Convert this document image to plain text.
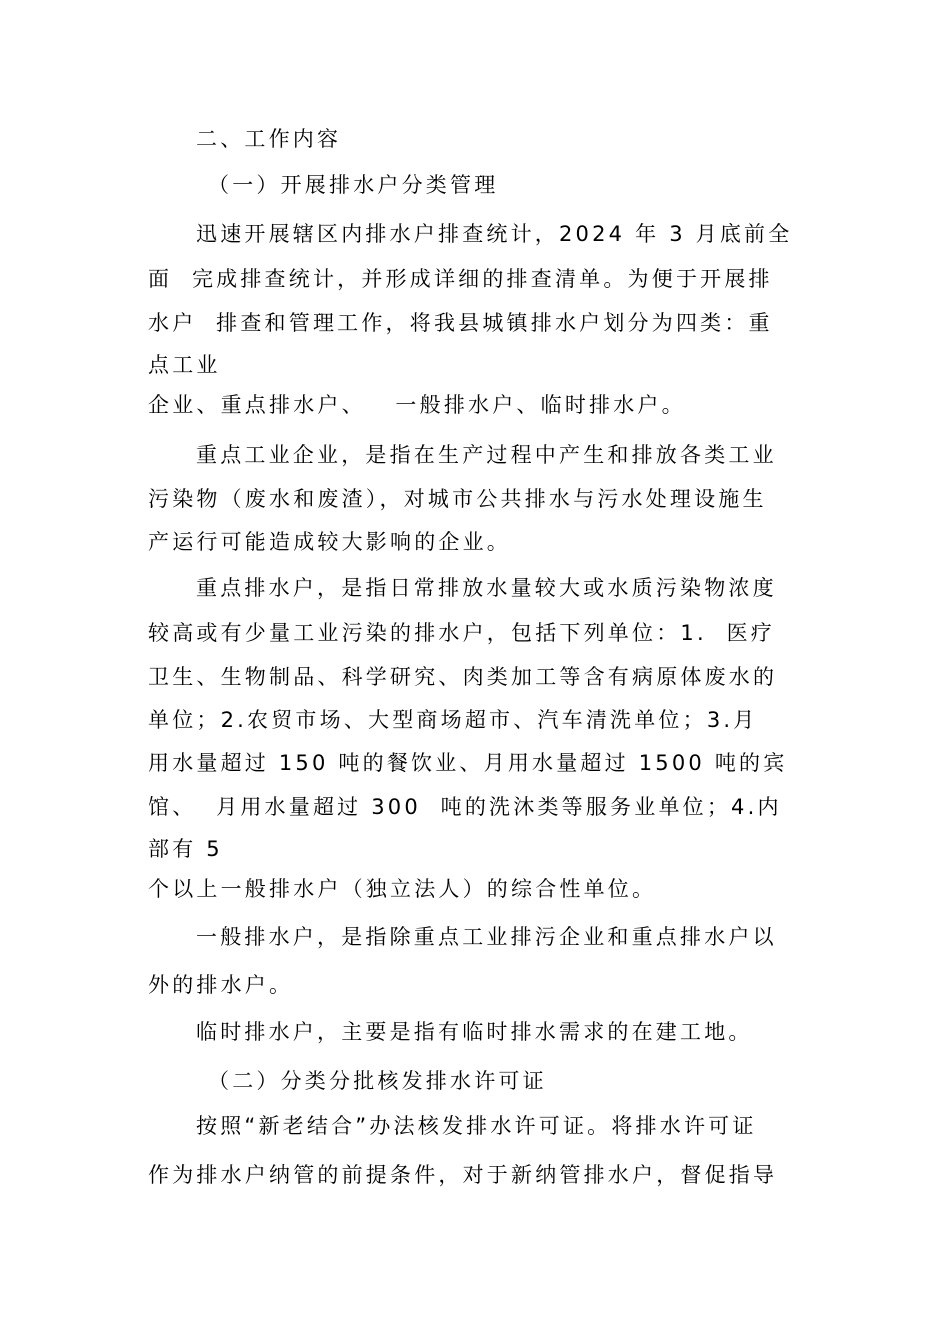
二、工作内容
（一）开展排水户分类管理
迅速开展辖区内排水户排查统计，2024 年 3 月底前全
面  完成排查统计，并形成详细的排查清单。为便于开展排
水户  排查和管理工作，将我县城镇排水户划分为四类：重
点工业
企业、重点排水户、   一般排水户、临时排水户。
重点工业企业，是指在生产过程中产生和排放各类工业
污染物（废水和废渣），对城市公共排水与污水处理设施生
产运行可能造成较大影响的企业。
重点排水户，是指日常排放水量较大或水质污染物浓度
较高或有少量工业污染的排水户，包括下列单位：1.  医疗
卫生、生物制品、科学研究、肉类加工等含有病原体废水的
单位；2.农贸市场、大型商场超市、汽车清洗单位；3.月
用水量超过 150 吨的餐饮业、月用水量超过 1500 吨的宾
馆、  月用水量超过 300  吨的洗沐类等服务业单位；4.内
部有 5
个以上一般排水户（独立法人）的综合性单位。
一般排水户，是指除重点工业排污企业和重点排水户以
外的排水户。
临时排水户，主要是指有临时排水需求的在建工地。
（二）分类分批核发排水许可证
按照“新老结合”办法核发排水许可证。将排水许可证
作为排水户纳管的前提条件，对于新纳管排水户，督促指导
